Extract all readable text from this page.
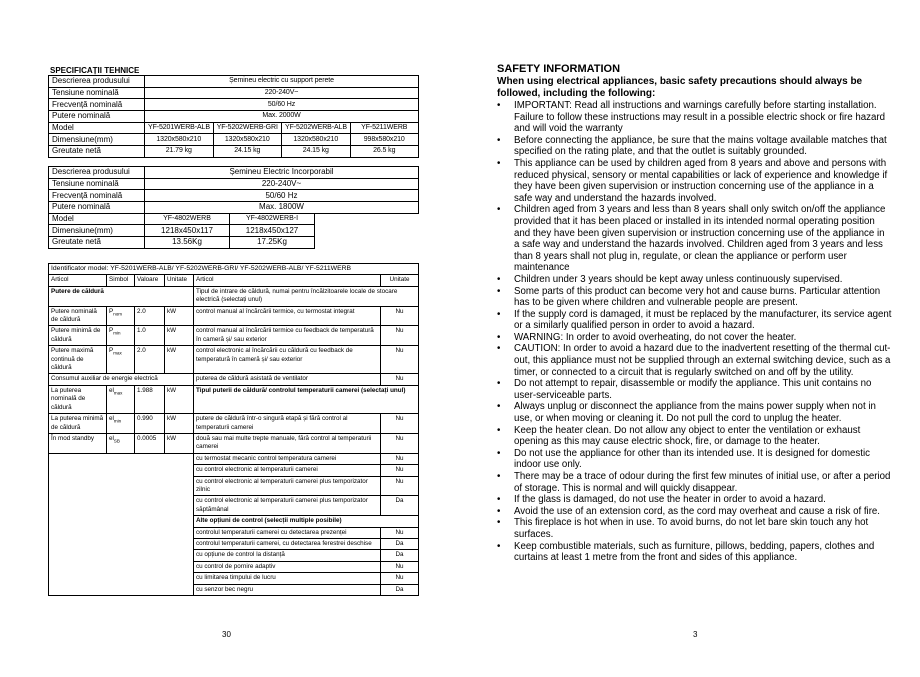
SPECIFICAȚII TEHNICE
Descrierea produsului	Șemineu electric cu support perete			
Tensiune nominală	220-240V~			
Frecvență nominală	50/60 Hz			
Putere nominală	Max. 2000W			
Model	YF-5201WERB-ALB	YF-5202WERB-GRI	YF-5202WERB-ALB	YF-5211WERB
Dimensiune(mm)	1320x580x210	1320x580x210	1320x580x210	998x580x210
Greutate netă	21.79 kg	24.15 kg	24.15 kg	26.5 kg
Descrierea produsului	Șemineu Electric Incorporabil		
Tensiune nominală	220-240V~		
Frecvență nominală	50/60 Hz		
Putere nominală	Max. 1800W		
Model	YF-4802WERB	YF-4802WERB-I	
Dimensiune(mm)	1218x450x117	1218x450x127	
Greutate netă	13.56Kg	17.25Kg	
Identificator model: YF-5201WERB-ALB/ YF-5202WERB-GRI/ YF-5202WERB-ALB/ YF-5211WERB					
Articol	Simbol	Valoare	Unitate	Articol	Unitate
Putere de căldură				Tipul de intrare de căldură, numai pentru încălzitoarele locale de stocare electrică (selectați unul)	
Putere nominală de căldură	$P_{nom}$	2.0	kW	control manual al încărcării termice, cu termostat integrat	Nu
Putere minimă de căldură	$P_{min}$	1.0	kW	control manual al încărcării termice cu feedback de temperatură în cameră și/ sau exterior	Nu
Putere maximă continuă de căldură	$P_{max}$	2.0	kW	control electronic al încărcării cu căldură cu feedback de temperatură în cameră și/ sau exterior	Nu
Consumul auxiliar de energie electrică				puterea de căldură asistată de ventilator	Nu
La puterea nominală de căldură	$el_{max}$	1.988	kW	Tipul puterii de căldură/ controlul temperaturii camerei (selectați unul)	
La puterea minimă de căldură	$el_{min}$	0.990	kW	putere de căldură într-o singură etapă și fără control al temperaturii camerei	Nu
În mod standby	$el_{SB}$	0.0005	kW	două sau mai multe trepte manuale, fără control al temperaturii camerei	Nu
				cu termostat mecanic control temperatura camerei	Nu
				cu control electronic al temperaturii camerei	Nu
				cu control electronic al temperaturii camerei plus temporizator zilnic	Nu
				cu control electronic al temperaturii camerei plus temporizator săptămânal	Da
				Alte opțiuni de control (selecții multiple posibile)	
				controlul temperaturii camerei cu detectarea prezenței	Nu
				controlul temperaturii camerei, cu detectarea ferestrei deschise	Da
				cu opțiune de control la distanță	Da
				cu control de pornire adaptiv	Nu
				cu limitarea timpului de lucru	Nu
				cu senzor bec negru	Da
30
SAFETY INFORMATION

When using electrical appliances, basic safety precautions should always be followed, including the following:

• IMPORTANT: Read all instructions and warnings carefully before starting installation. Failure to follow these instructions may result in a possible electric shock or fire hazard and will void the warranty
• Before connecting the appliance, be sure that the mains voltage available matches that specified on the rating plate, and that the outlet is suitably grounded.
• This appliance can be used by children aged from 8 years and above and persons with reduced physical, sensory or mental capabilities or lack of experience and knowledge if they have been given supervision or instruction concerning use of the appliance in a safe way and understand the hazards involved.
• Children aged from 3 years and less than 8 years shall only switch on/off the appliance provided that it has been placed or installed in its intended normal operating position and they have been given supervision or instruction concerning use of the appliance in a safe way and understand the hazards involved. Children aged from 3 years and less than 8 years shall not plug in, regulate, or clean the appliance or perform user maintenance
• Children under 3 years should be kept away unless continuously supervised.
• Some parts of this product can become very hot and cause burns. Particular attention has to be given where children and vulnerable people are present.
• If the supply cord is damaged, it must be replaced by the manufacturer, its service agent or a similarly qualified person in order to avoid a hazard.
• WARNING: In order to avoid overheating, do not cover the heater.
• CAUTION: In order to avoid a hazard due to the inadvertent resetting of the thermal cut-out, this appliance must not be supplied through an external switching device, such as a timer, or connected to a circuit that is regularly switched on and off by the utility.
• Do not attempt to repair, disassemble or modify the appliance. This unit contains no user-serviceable parts.
• Always unplug or disconnect the appliance from the mains power supply when not in use, or when moving or cleaning it. Do not pull the cord to unplug the heater.
• Keep the heater clean. Do not allow any object to enter the ventilation or exhaust opening as this may cause electric shock, fire, or damage to the heater.
• Do not use the appliance for other than its intended use. It is designed for domestic indoor use only.
• There may be a trace of odour during the first few minutes of initial use, or after a period of storage. This is normal and will quickly disappear.
• If the glass is damaged, do not use the heater in order to avoid a hazard.
• Avoid the use of an extension cord, as the cord may overheat and cause a risk of fire.
• This fireplace is hot when in use. To avoid burns, do not let bare skin touch any hot surfaces.
• Keep combustible materials, such as furniture, pillows, bedding, papers, clothes and curtains at least 1 metre from the front and sides of this appliance.
3
